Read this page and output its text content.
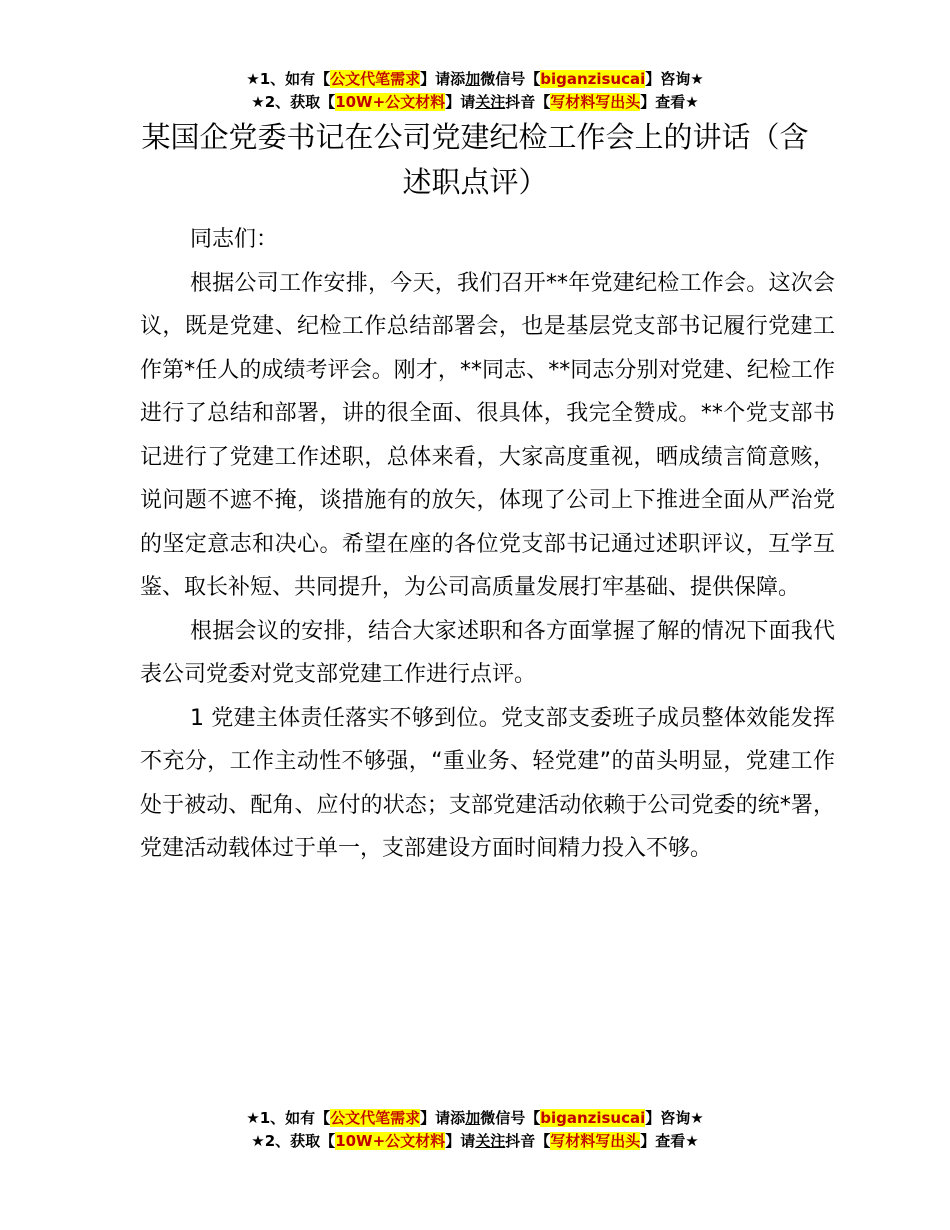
★1、如有【公文代笔需求】请添加微信号【biganzisucai】咨询★
★2、获取【10W+公文材料】请关注抖音【写材料写出头】查看★
某国企党委书记在公司党建纪检工作会上的讲话（含述职点评）

同志们：

根据公司工作安排，今天，我们召开**年党建纪检工作会。这次会议，既是党建、纪检工作总结部署会，也是基层党支部书记履行党建工作第*任人的成绩考评会。刚才，**同志、**同志分别对党建、纪检工作进行了总结和部署，讲的很全面、很具体，我完全赞成。**个党支部书记进行了党建工作述职，总体来看，大家高度重视，晒成绩言简意赅，说问题不遮不掩，谈措施有的放矢，体现了公司上下推进全面从严治党的坚定意志和决心。希望在座的各位党支部书记通过述职评议，互学互鉴、取长补短、共同提升，为公司高质量发展打牢基础、提供保障。

根据会议的安排，结合大家述职和各方面掌握了解的情况下面我代表公司党委对党支部党建工作进行点评。

1 党建主体责任落实不够到位。党支部支委班子成员整体效能发挥不充分，工作主动性不够强，“重业务、轻党建”的苗头明显，党建工作处于被动、配角、应付的状态；支部党建活动依赖于公司党委的统*署，党建活动载体过于单一，支部建设方面时间精力投入不够。

★1、如有【公文代笔需求】请添加微信号【biganzisucai】咨询★
★2、获取【10W+公文材料】请关注抖音【写材料写出头】查看★
